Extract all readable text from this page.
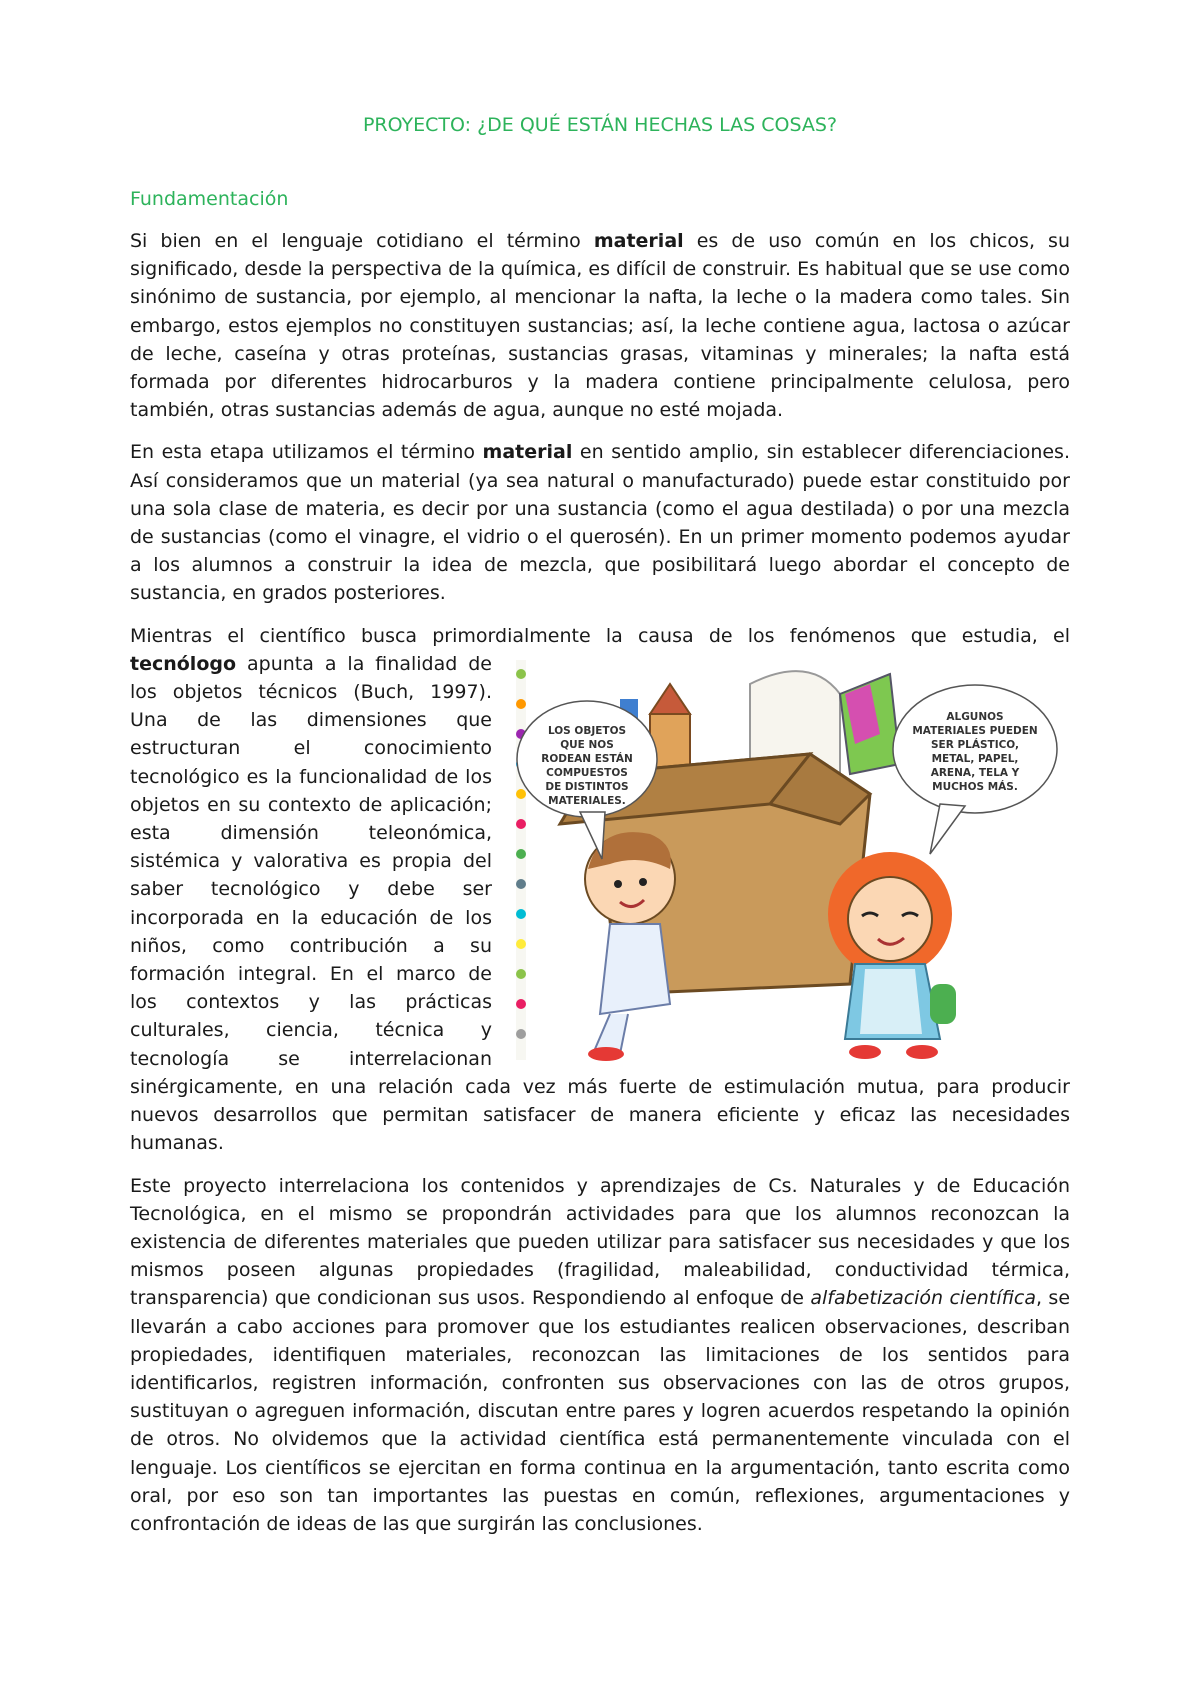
PROYECTO: ¿DE QUÉ ESTÁN HECHAS LAS COSAS?
Fundamentación

Si bien en el lenguaje cotidiano el término material es de uso común en los chicos, su significado, desde la perspectiva de la química, es difícil de construir. Es habitual que se use como sinónimo de sustancia, por ejemplo, al mencionar la nafta, la leche o la madera como tales. Sin embargo, estos ejemplos no constituyen sustancias; así, la leche contiene agua, lactosa o azúcar de leche, caseína y otras proteínas, sustancias grasas, vitaminas y minerales; la nafta está formada por diferentes hidrocarburos y la madera contiene principalmente celulosa, pero también, otras sustancias además de agua, aunque no esté mojada.

En esta etapa utilizamos el término material en sentido amplio, sin establecer diferenciaciones. Así consideramos que un material (ya sea natural o manufacturado) puede estar constituido por una sola clase de materia, es decir por una sustancia (como el agua destilada) o por una mezcla de sustancias (como el vinagre, el vidrio o el querosén). En un primer momento podemos ayudar a los alumnos a construir la idea de mezcla, que posibilitará luego abordar el concepto de sustancia, en grados posteriores.

Mientras el científico busca primordialmente la causa de los fenómenos que estudia, el
LOS OBJETOS
QUE NOS
RODEAN ESTÁN
COMPUESTOS
DE DISTINTOS
MATERIALES.
ALGUNOS
MATERIALES PUEDEN
SER PLÁSTICO,
METAL, PAPEL,
ARENA, TELA Y
MUCHOS MÁS.
tecnólogo apunta a la finalidad de los objetos técnicos (Buch, 1997). Una de las dimensiones que estructuran el conocimiento tecnológico es la funcionalidad de los objetos en su contexto de aplicación; esta dimensión teleonómica, sistémica y valorativa es propia del saber tecnológico y debe ser incorporada en la educación de los niños, como contribución a su formación integral. En el marco de los contextos y las prácticas culturales, ciencia, técnica y tecnología se interrelacionan sinérgicamente, en una relación cada vez más fuerte de estimulación mutua, para producir nuevos desarrollos que permitan satisfacer de manera eficiente y eficaz las necesidades humanas.

Este proyecto interrelaciona los contenidos y aprendizajes de Cs. Naturales y de Educación Tecnológica, en el mismo se propondrán actividades para que los alumnos reconozcan la existencia de diferentes materiales que pueden utilizar para satisfacer sus necesidades y que los mismos poseen algunas propiedades (fragilidad, maleabilidad, conductividad térmica, transparencia) que condicionan sus usos. Respondiendo al enfoque de alfabetización científica, se llevarán a cabo acciones para promover que los estudiantes realicen observaciones, describan propiedades, identifiquen materiales, reconozcan las limitaciones de los sentidos para identificarlos, registren información, confronten sus observaciones con las de otros grupos, sustituyan o agreguen información, discutan entre pares y logren acuerdos respetando la opinión de otros. No olvidemos que la actividad científica está permanentemente vinculada con el lenguaje. Los científicos se ejercitan en forma continua en la argumentación, tanto escrita como oral, por eso son tan importantes las puestas en común, reflexiones, argumentaciones y confrontación de ideas de las que surgirán las conclusiones.
